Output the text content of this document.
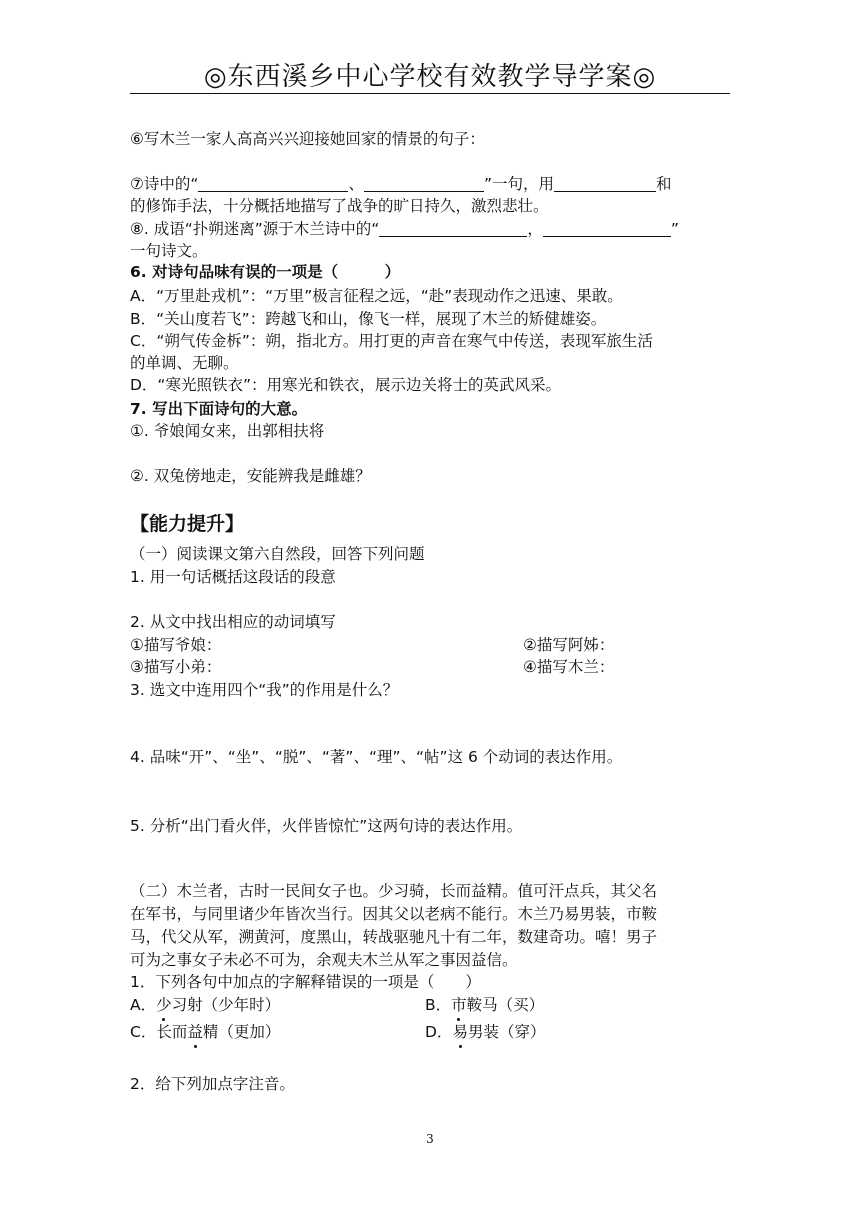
◎东西溪乡中心学校有效教学导学案◎
⑥写木兰一家人高高兴兴迎接她回家的情景的句子：
⑦诗中的“	、	”一句，用	和
的修饰手法，十分概括地描写了战争的旷日持久，激烈悲壮。
⑧. 成语“扑朔迷离”源于木兰诗中的“	，	”
一句诗文。
6. 对诗句品味有误的一项是（　　　）
A．“万里赴戎机”：“万里”极言征程之远，“赴”表现动作之迅速、果敢。
B．“关山度若飞”：跨越飞和山，像飞一样，展现了木兰的矫健雄姿。
C．“朔气传金柝”：朔，指北方。用打更的声音在寒气中传送，表现军旅生活
的单调、无聊。
D．“寒光照铁衣”：用寒光和铁衣，展示边关将士的英武风采。
7. 写出下面诗句的大意。
①. 爷娘闻女来，出郭相扶将
②. 双兔傍地走，安能辨我是雌雄？
【能力提升】
（一）阅读课文第六自然段，回答下列问题
1. 用一句话概括这段话的段意
2. 从文中找出相应的动词填写
①描写爷娘：	②描写阿姊：
③描写小弟：	④描写木兰：
3. 选文中连用四个“我”的作用是什么？
4. 品味“开”、“坐”、“脱”、“著”、“理”、“帖”这 6 个动词的表达作用。
5. 分析“出门看火伴，火伴皆惊忙”这两句诗的表达作用。
（二）木兰者，古时一民间女子也。少习骑，长而益精。值可汗点兵，其父名
在军书，与同里诸少年皆次当行。因其父以老病不能行。木兰乃易男装，市鞍
马，代父从军，溯黄河，度黑山，转战驱驰凡十有二年，数建奇功。嘻！男子
可为之事女子未必不可为，余观夫木兰从军之事因益信。
1．下列各句中加点的字解释错误的一项是（　　）
A．少习射（少年时）	B．市鞍马（买）
C．长而益精（更加）	D．易男装（穿）
2．给下列加点字注音。
3
